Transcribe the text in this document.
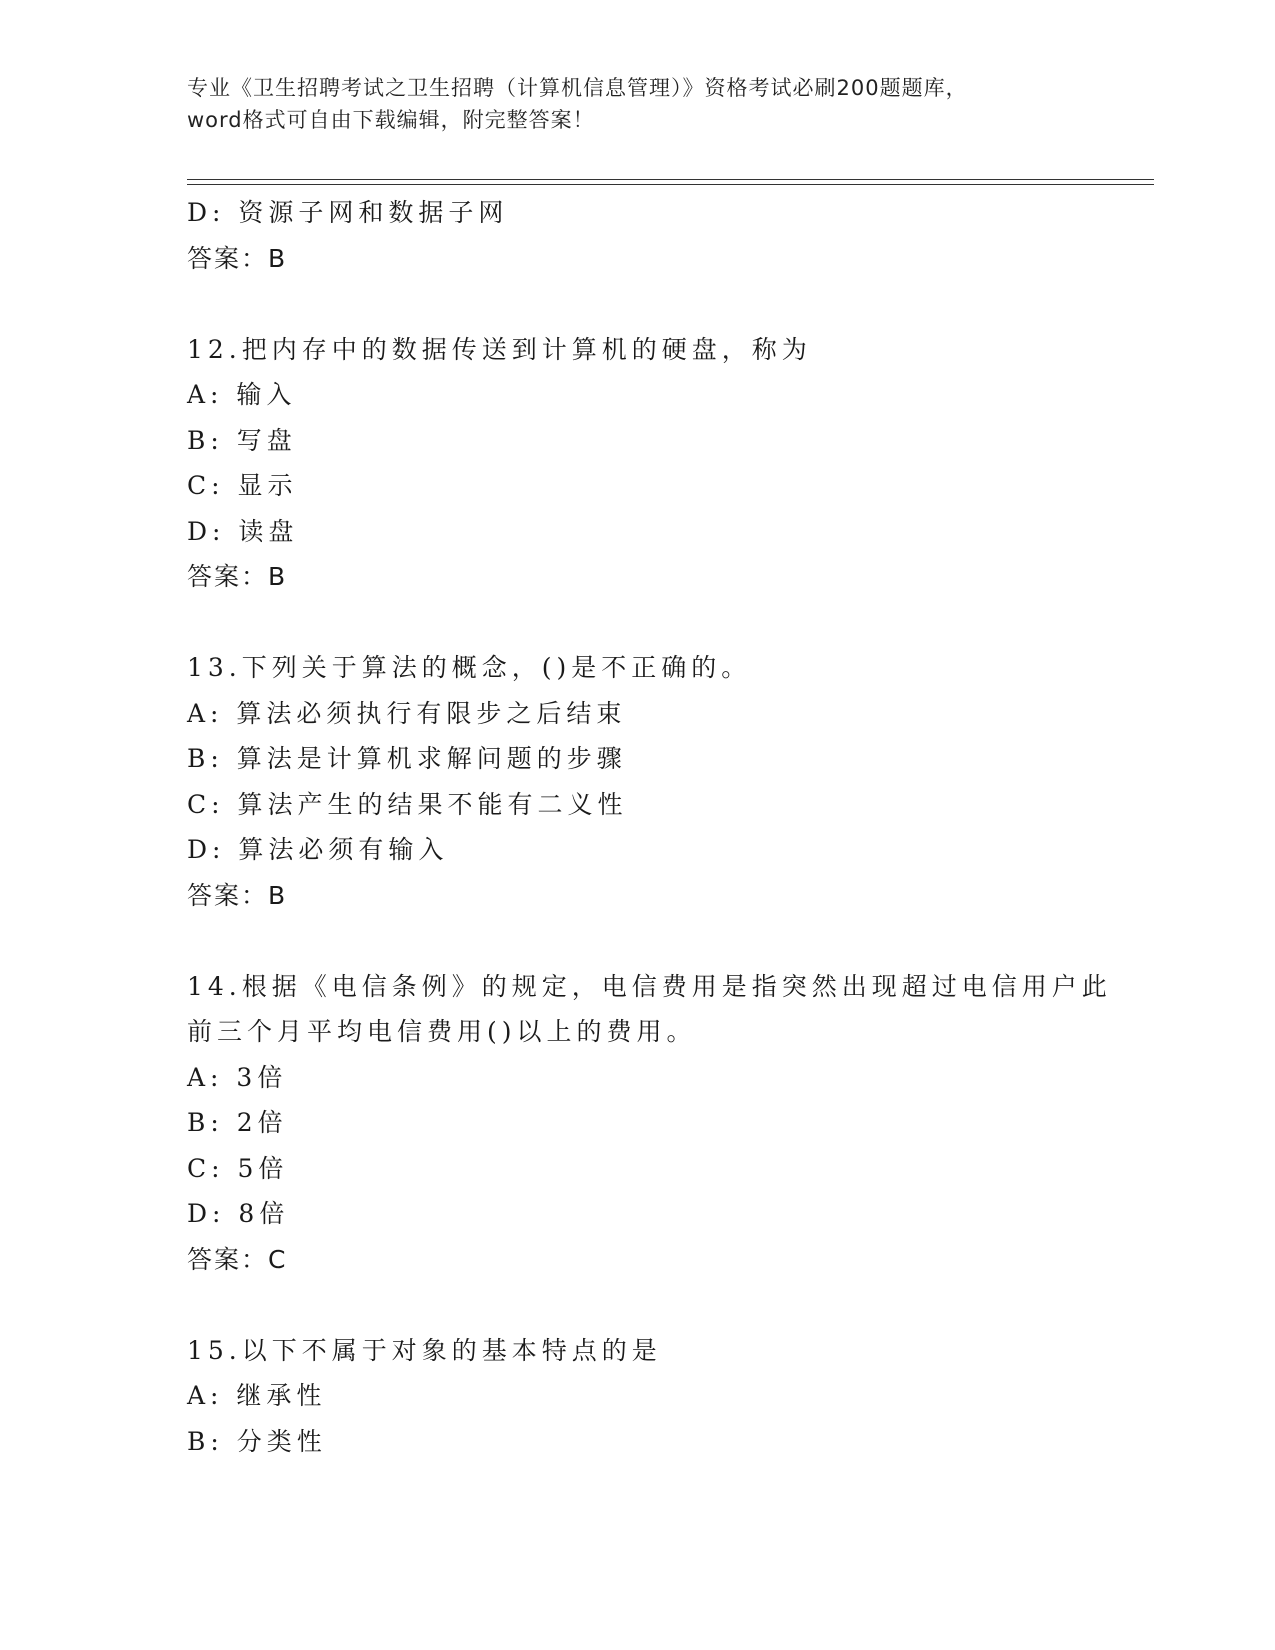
专业《卫生招聘考试之卫生招聘（计算机信息管理）》资格考试必刷200题题库，
word格式可自由下载编辑，附完整答案！
D: 资源子网和数据子网
答案：B
12.把内存中的数据传送到计算机的硬盘，称为
A: 输入
B: 写盘
C: 显示
D: 读盘
答案：B
13.下列关于算法的概念，()是不正确的。
A: 算法必须执行有限步之后结束
B: 算法是计算机求解问题的步骤
C: 算法产生的结果不能有二义性
D: 算法必须有输入
答案：B
14.根据《电信条例》的规定，电信费用是指突然出现超过电信用户此
前三个月平均电信费用()以上的费用。
A: 3倍
B: 2倍
C: 5倍
D: 8倍
答案：C
15.以下不属于对象的基本特点的是
A: 继承性
B: 分类性
